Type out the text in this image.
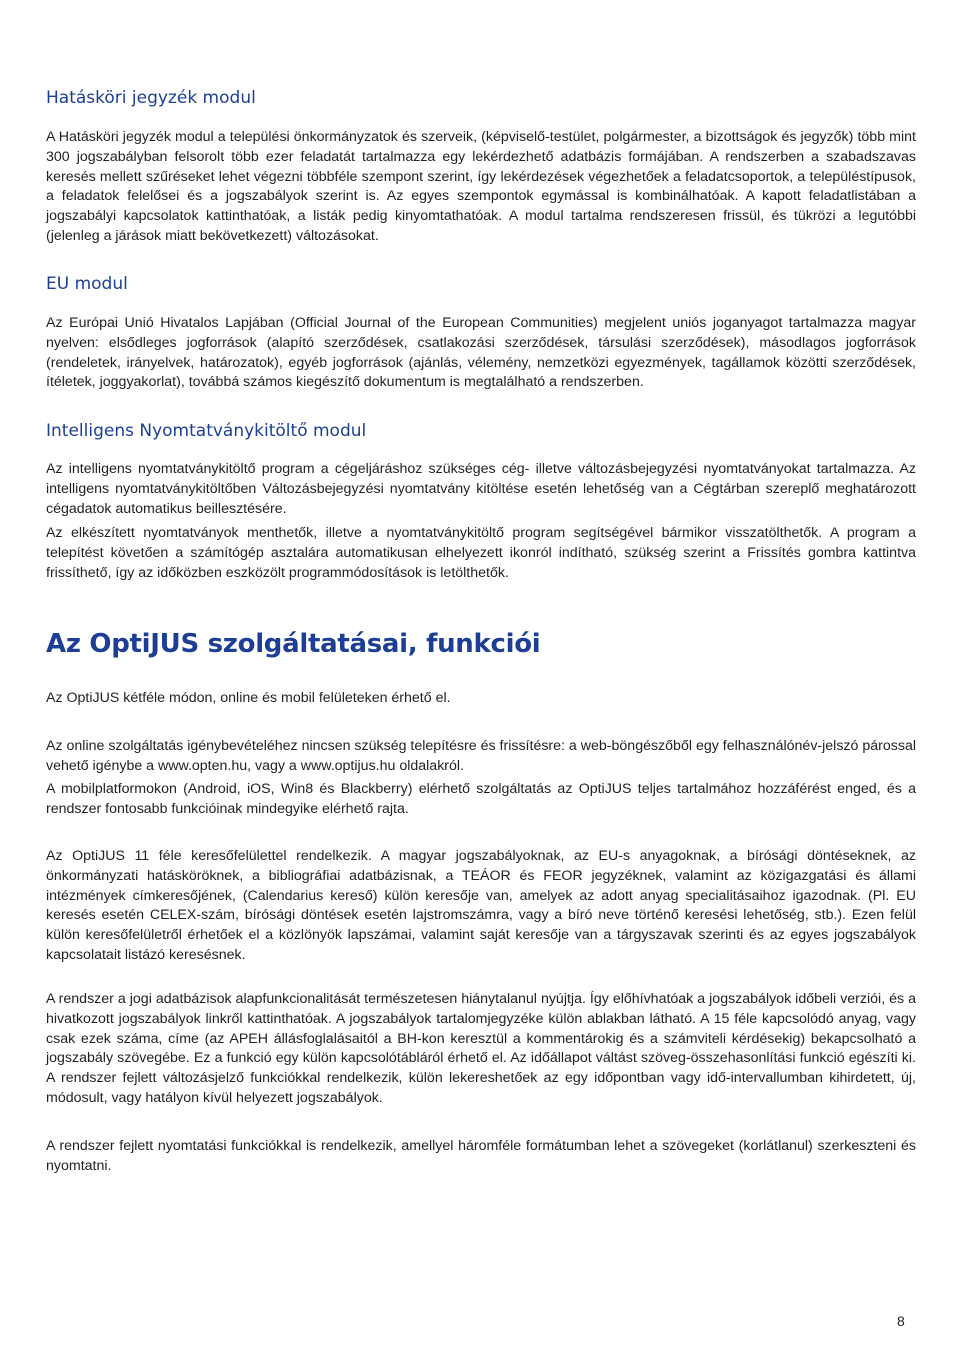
Hatásköri jegyzék modul

A Hatásköri jegyzék modul a települési önkormányzatok és szerveik, (képviselő-testület, polgármester, a bizottságok és jegyzők) több mint 300 jogszabályban felsorolt több ezer feladatát tartalmazza egy lekérdezhető adatbázis formájában. A rendszerben a szabadszavas keresés mellett szűréseket lehet végezni többféle szempont szerint, így lekérdezések végezhetőek a feladatcsoportok, a településtípusok, a feladatok felelősei és a jogszabályok szerint is. Az egyes szempontok egymással is kombinálhatóak. A kapott feladatlistában a jogszabályi kapcsolatok kattinthatóak, a listák pedig kinyomtathatóak. A modul tartalma rendszeresen frissül, és tükrözi a legutóbbi (jelenleg a járások miatt bekövetkezett) változásokat.

EU modul

Az Európai Unió Hivatalos Lapjában (Official Journal of the European Communities) megjelent uniós joganyagot tartalmazza magyar nyelven: elsődleges jogforrások (alapító szerződések, csatlakozási szerződések, társulási szerződések), másodlagos jogforrások (rendeletek, irányelvek, határozatok), egyéb jogforrások (ajánlás, vélemény, nemzetközi egyezmények, tagállamok közötti szerződések, ítéletek, joggyakorlat), továbbá számos kiegészítő dokumentum is megtalálható a rendszerben.

Intelligens Nyomtatványkitöltő modul

Az intelligens nyomtatványkitöltő program a cégeljáráshoz szükséges cég- illetve változásbejegyzési nyomtatványokat tartalmazza. Az intelligens nyomtatványkitöltőben Változásbejegyzési nyomtatvány kitöltése esetén lehetőség van a Cégtárban szereplő meghatározott cégadatok automatikus beillesztésére.

Az elkészített nyomtatványok menthetők, illetve a nyomtatványkitöltő program segítségével bármikor visszatölthetők. A program a telepítést követően a számítógép asztalára automatikusan elhelyezett ikonról indítható, szükség szerint a Frissítés gombra kattintva frissíthető, így az időközben eszközölt programmódosítások is letölthetők.

Az OptiJUS szolgáltatásai, funkciói

Az OptiJUS kétféle módon, online és mobil felületeken érhető el.

Az online szolgáltatás igénybevételéhez nincsen szükség telepítésre és frissítésre: a web-böngészőből egy felhasználónév-jelszó párossal vehető igénybe a www.opten.hu, vagy a www.optijus.hu oldalakról.

A mobilplatformokon (Android, iOS, Win8 és Blackberry) elérhető szolgáltatás az OptiJUS teljes tartalmához hozzáférést enged, és a rendszer fontosabb funkcióinak mindegyike elérhető rajta.

Az OptiJUS 11 féle keresőfelülettel rendelkezik. A magyar jogszabályoknak, az EU-s anyagoknak, a bírósági döntéseknek, az önkormányzati hatásköröknek, a bibliográfiai adatbázisnak, a TEÁOR és FEOR jegyzéknek, valamint az közigazgatási és állami intézmények címkeresőjének, (Calendarius kereső) külön keresője van, amelyek az adott anyag specialitásaihoz igazodnak. (Pl. EU keresés esetén CELEX-szám, bírósági döntések esetén lajstromszámra, vagy a bíró neve történő keresési lehetőség, stb.). Ezen felül külön keresőfelületről érhetőek el a közlönyök lapszámai, valamint saját keresője van a tárgyszavak szerinti és az egyes jogszabályok kapcsolatait listázó keresésnek.

A rendszer a jogi adatbázisok alapfunkcionalitását természetesen hiánytalanul nyújtja. Így előhívhatóak a jogszabályok időbeli verziói, és a hivatkozott jogszabályok linkről kattinthatóak. A jogszabályok tartalomjegyzéke külön ablakban látható. A 15 féle kapcsolódó anyag, vagy csak ezek száma, címe (az APEH állásfoglalásaitól a BH-kon keresztül a kommentárokig és a számviteli kérdésekig) bekapcsolható a jogszabály szövegébe. Ez a funkció egy külön kapcsolótábláról érhető el. Az időállapot váltást szöveg-összehasonlítási funkció egészíti ki. A rendszer fejlett változásjelző funkciókkal rendelkezik, külön lekereshetőek az egy időpontban vagy idő-intervallumban kihirdetett, új, módosult, vagy hatályon kívül helyezett jogszabályok.

A rendszer fejlett nyomtatási funkciókkal is rendelkezik, amellyel háromféle formátumban lehet a szövegeket (korlátlanul) szerkeszteni és nyomtatni.

8
